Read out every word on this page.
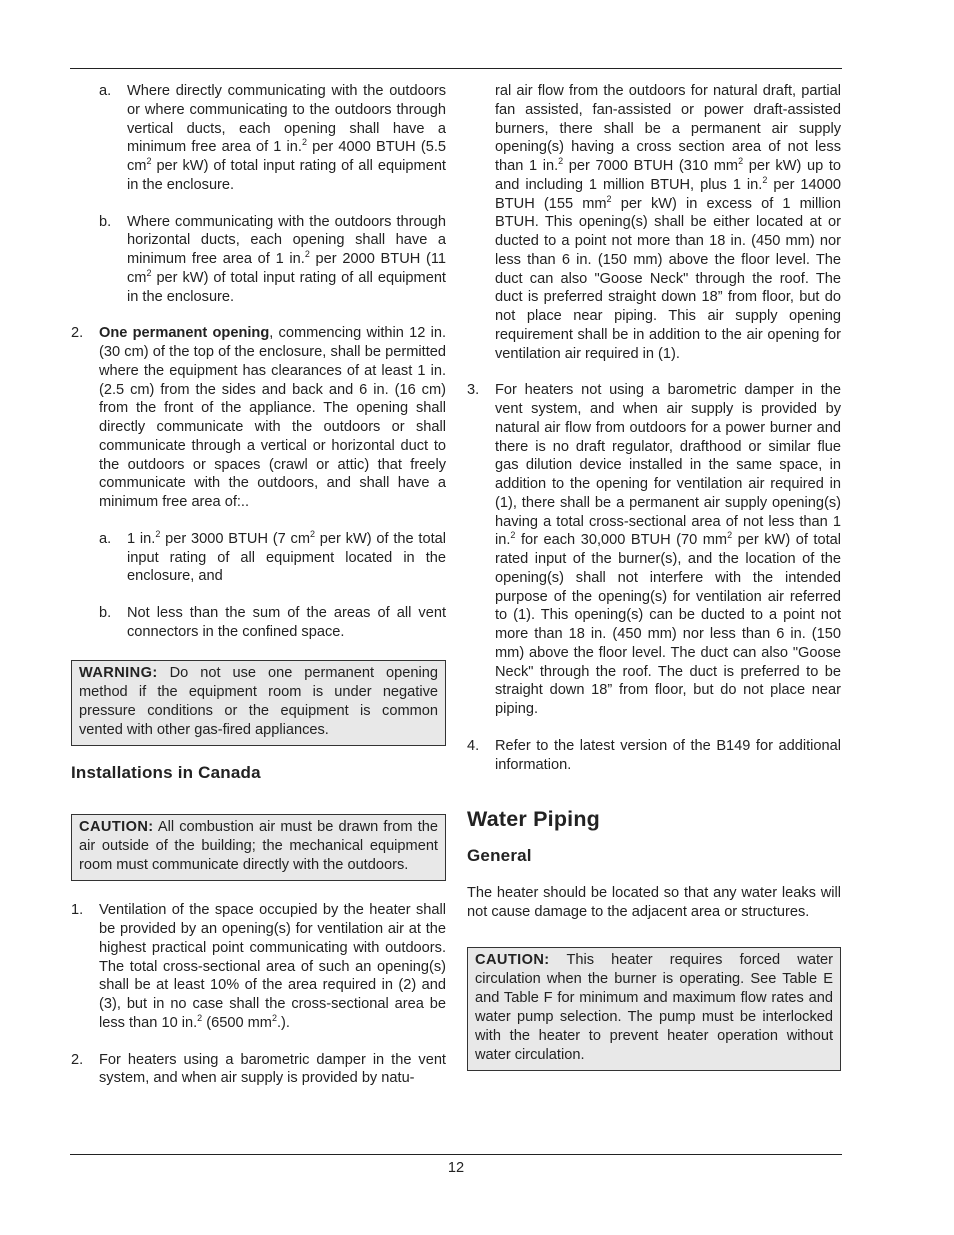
a. Where directly communicating with the outdoors or where communicating to the outdoors through vertical ducts, each opening shall have a minimum free area of 1 in.$^2$ per 4000 BTUH (5.5 $cm^2$ per kW) of total input rating of all equipment in the enclosure.
b. Where communicating with the outdoors through horizontal ducts, each opening shall have a minimum free area of 1 in.$^2$ per 2000 BTUH (11 $cm^2$ per kW) of total input rating of all equipment in the enclosure.
2. One permanent opening, commencing within 12 in. (30 cm) of the top of the enclosure, shall be permitted where the equipment has clearances of at least 1 in. (2.5 cm) from the sides and back and 6 in. (16 cm) from the front of the appliance. The opening shall directly communicate with the outdoors or shall communicate through a vertical or horizontal duct to the outdoors or spaces (crawl or attic) that freely communicate with the outdoors, and shall have a minimum free area of:..
a. 1 in.$^2$ per 3000 BTUH (7 $cm^2$ per kW) of the total input rating of all equipment located in the enclosure, and
b. Not less than the sum of the areas of all vent connectors in the confined space.
WARNING: Do not use one permanent opening method if the equipment room is under negative pressure conditions or the equipment is common vented with other gas-fired appliances.
Installations in Canada
CAUTION: All combustion air must be drawn from the air outside of the building; the mechanical equipment room must communicate directly with the outdoors.
1. Ventilation of the space occupied by the heater shall be provided by an opening(s) for ventilation air at the highest practical point communicating with outdoors. The total cross-sectional area of such an opening(s) shall be at least 10% of the area required in (2) and (3), but in no case shall the cross-sectional area be less than 10 in.$^2$ (6500 $mm^2$.).
2. For heaters using a barometric damper in the vent system, and when air supply is provided by natu-
ral air flow from the outdoors for natural draft, partial fan assisted, fan-assisted or power draft-assisted burners, there shall be a permanent air supply opening(s) having a cross section area of not less than 1 in.$^2$ per 7000 BTUH (310 $mm^2$ per kW) up to and including 1 million BTUH, plus 1 in.$^2$ per 14000 BTUH (155 $mm^2$ per kW) in excess of 1 million BTUH. This opening(s) shall be either located at or ducted to a point not more than 18 in. (450 mm) nor less than 6 in. (150 mm) above the floor level. The duct can also "Goose Neck" through the roof. The duct is preferred straight down 18” from floor, but do not place near piping. This air supply opening requirement shall be in addition to the air opening for ventilation air required in (1).
3. For heaters not using a barometric damper in the vent system, and when air supply is provided by natural air flow from outdoors for a power burner and there is no draft regulator, drafthood or similar flue gas dilution device installed in the same space, in addition to the opening for ventilation air required in (1), there shall be a permanent air supply opening(s) having a total cross-sectional area of not less than 1 in.$^2$ for each 30,000 BTUH (70 $mm^2$ per kW) of total rated input of the burner(s), and the location of the opening(s) shall not interfere with the intended purpose of the opening(s) for ventilation air referred to (1). This opening(s) can be ducted to a point not more than 18 in. (450 mm) nor less than 6 in. (150 mm) above the floor level. The duct can also "Goose Neck" through the roof. The duct is preferred to be straight down 18” from floor, but do not place near piping.
4. Refer to the latest version of the B149 for additional information.
Water Piping
General

The heater should be located so that any water leaks will not cause damage to the adjacent area or structures.

CAUTION: This heater requires forced water circulation when the burner is operating. See Table E and Table F for minimum and maximum flow rates and water pump selection. The pump must be interlocked with the heater to prevent heater operation without water circulation.
12
